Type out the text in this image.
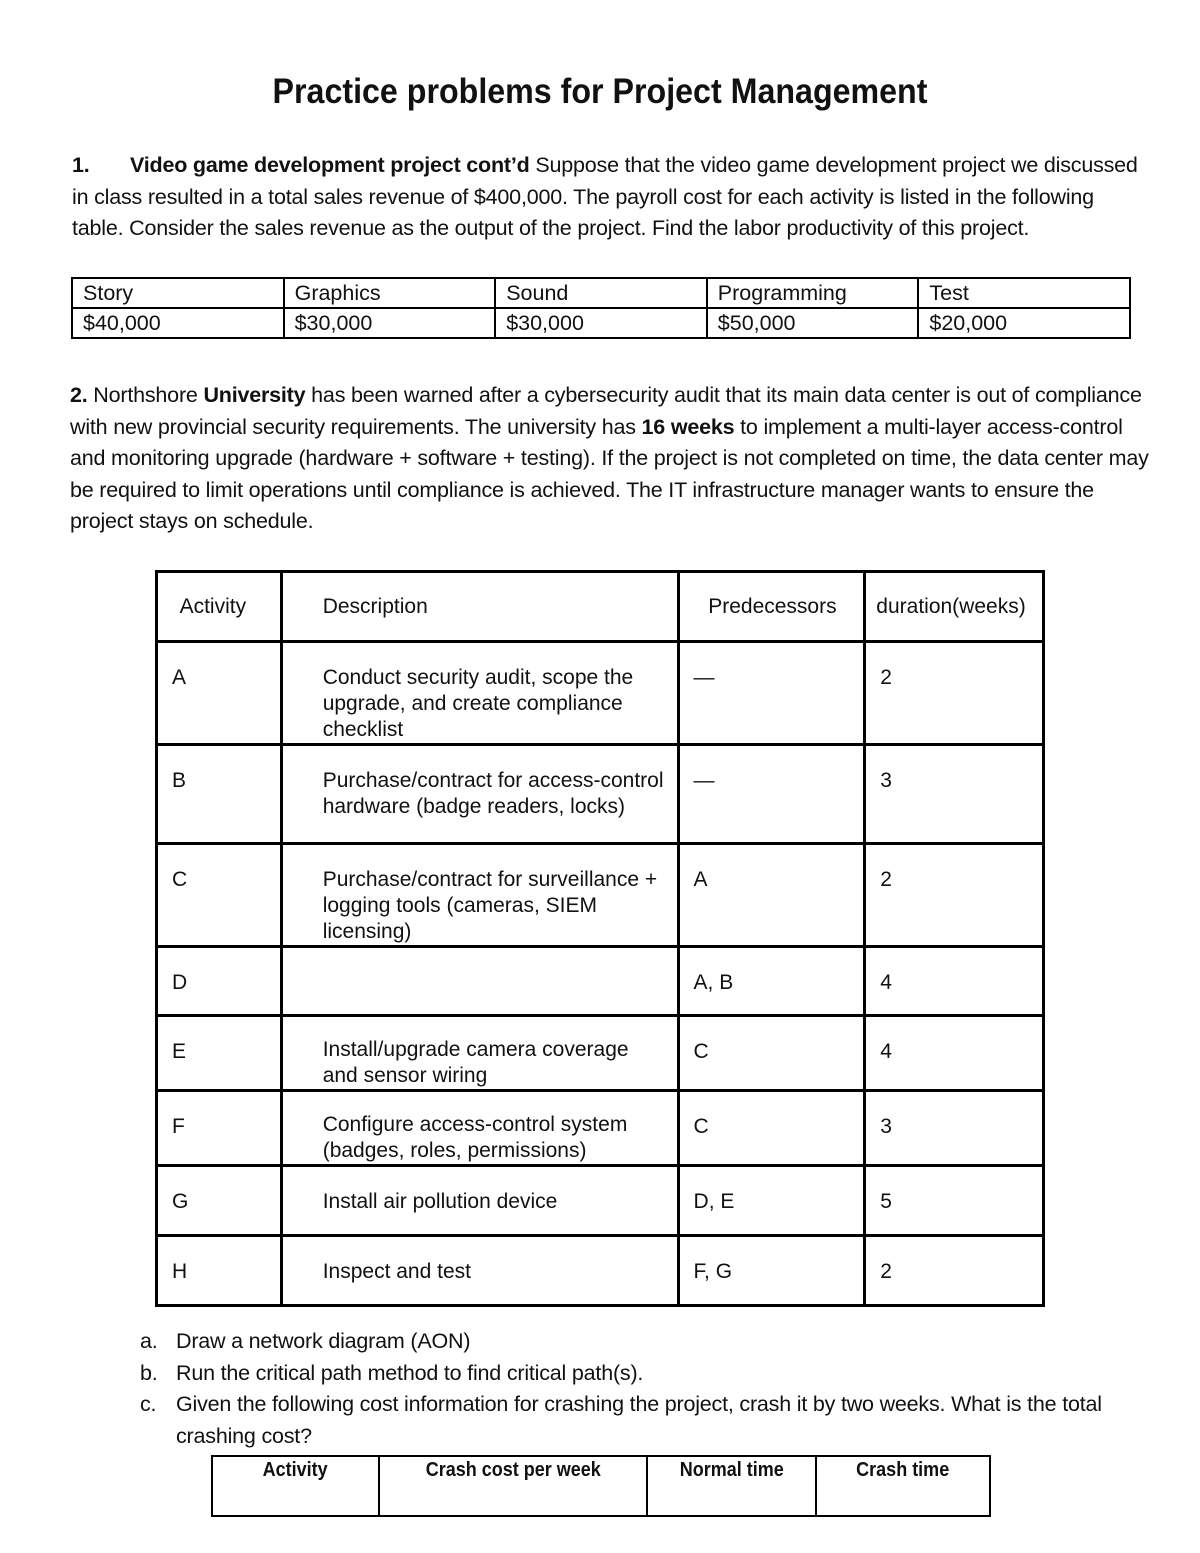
Practice problems for Project Management
1. Video game development project cont’d Suppose that the video game development project we discussed in class resulted in a total sales revenue of $400,000. The payroll cost for each activity is listed in the following table. Consider the sales revenue as the output of the project. Find the labor productivity of this project.
Story	Graphics	Sound	Programming	Test
$40,000	$30,000	$30,000	$50,000	$20,000
2. Northshore University has been warned after a cybersecurity audit that its main data center is out of compliance with new provincial security requirements. The university has 16 weeks to implement a multi-layer access-control and monitoring upgrade (hardware + software + testing). If the project is not completed on time, the data center may be required to limit operations until compliance is achieved. The IT infrastructure manager wants to ensure the project stays on schedule.
Activity	Description	Predecessors	duration(weeks)
A	Conduct security audit, scope the upgrade, and create compliance checklist	—	2
B	Purchase/contract for access-control hardware (badge readers, locks)	—	3
C	Purchase/contract for surveillance + logging tools (cameras, SIEM licensing)	A	2
D		A, B	4
E	Install/upgrade camera coverage and sensor wiring	C	4
F	Configure access-control system (badges, roles, permissions)	C	3
G	Install air pollution device	D, E	5
H	Inspect and test	F, G	2
a. Draw a network diagram (AON)
b. Run the critical path method to find critical path(s).
c. Given the following cost information for crashing the project, crash it by two weeks. What is the total crashing cost?
Activity	Crash cost per week	Normal time	Crash time
